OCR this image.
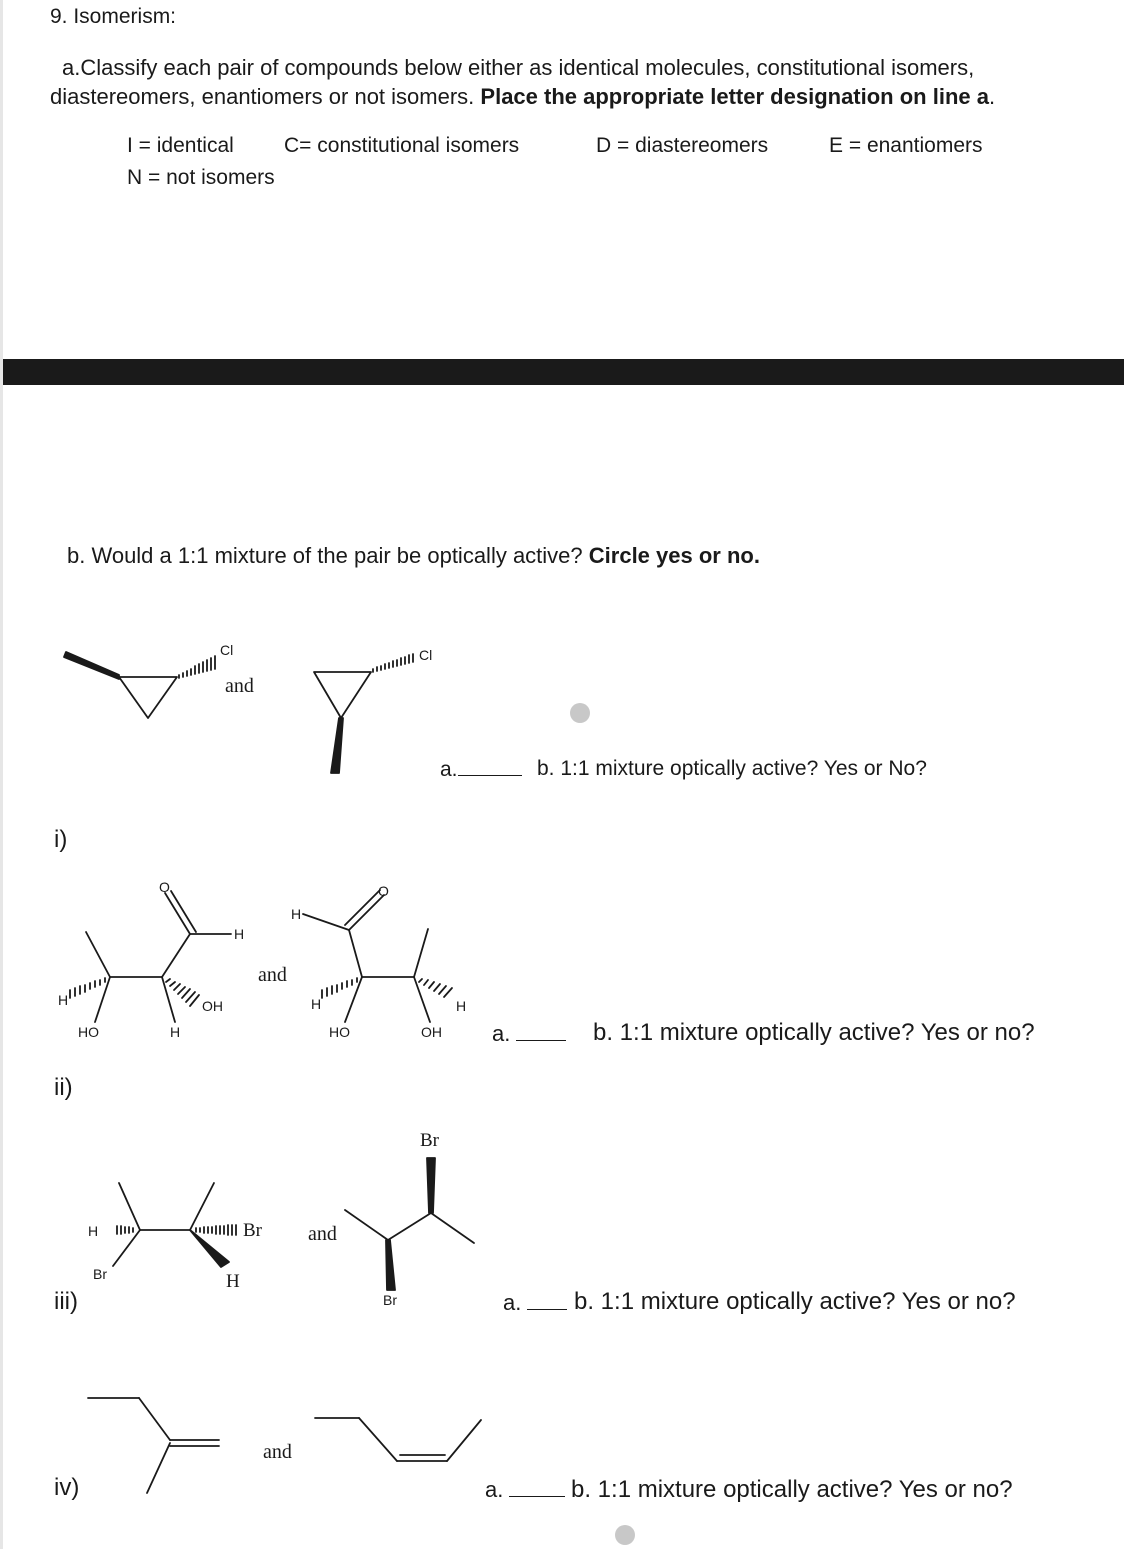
9. Isomerism:
a.Classify each pair of compounds below either as identical molecules, constitutional isomers,
diastereomers, enantiomers or not isomers. Place the appropriate letter designation on line a.
I = identical C= constitutional isomers	D = diastereomers	E = enantiomers
N = not isomers
b. Would a 1:1 mixture of the pair be optically active? Circle yes or no.
i)
ii)
iii)
iv)
and
and
and
and
a.	b. 1:1 mixture optically active? Yes or No?
a.	b. 1:1 mixture optically active? Yes or no?
a.	b. 1:1 mixture optically active? Yes or no?
a.	b. 1:1 mixture optically active? Yes or no?
Cl	Cl
O
H
H
HO	H
OH
H
O
H
HO	OH
H
H
Br
Br
H
Br
Br
